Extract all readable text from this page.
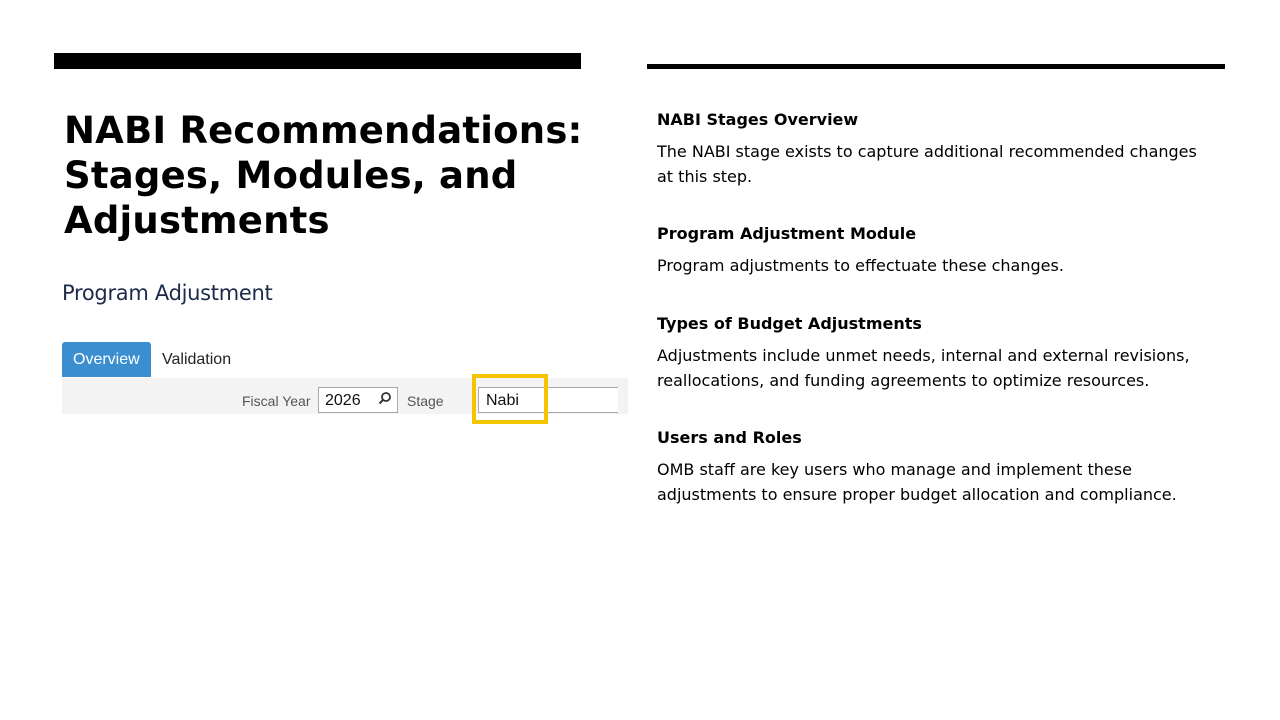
NABI Recommendations: Stages, Modules, and Adjustments
Program Adjustment
Overview	Validation
Fiscal Year 2026	Stage	Nabi
NABI Stages Overview

The NABI stage exists to capture additional recommended changes at this step.

Program Adjustment Module

Program adjustments to effectuate these changes.

Types of Budget Adjustments

Adjustments include unmet needs, internal and external revisions, reallocations, and funding agreements to optimize resources.

Users and Roles

OMB staff are key users who manage and implement these adjustments to ensure proper budget allocation and compliance.
